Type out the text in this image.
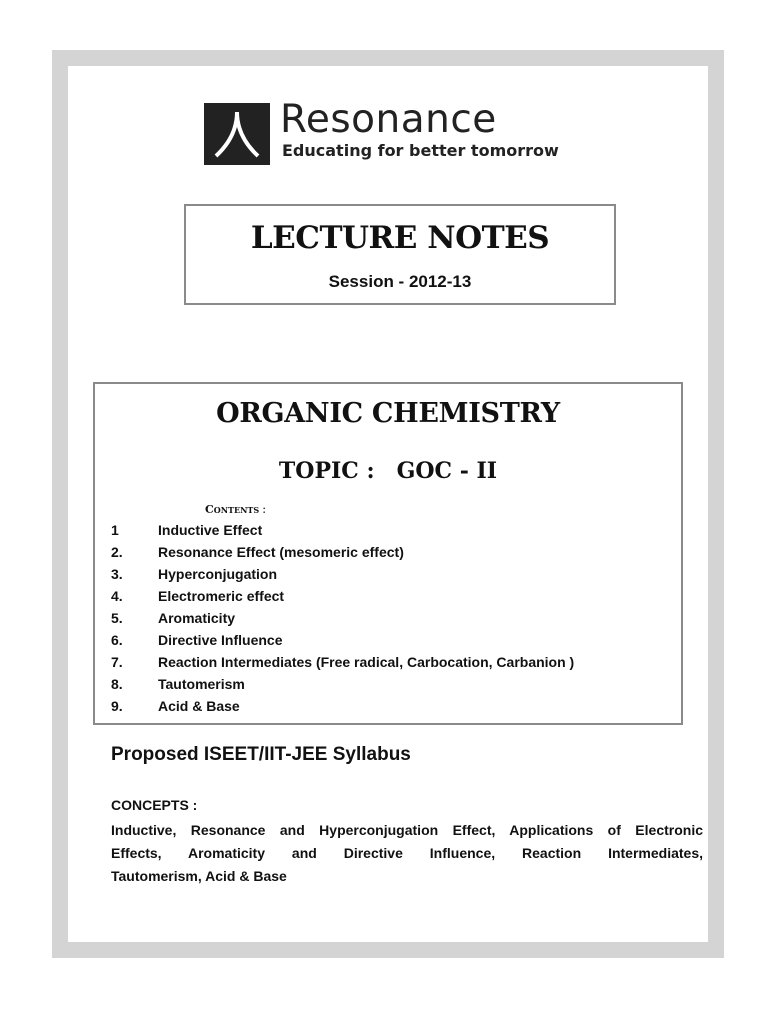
Resonance
Educating for better tomorrow
LECTURE NOTES
Session - 2012-13
ORGANIC CHEMISTRY
TOPIC : GOC - II
Contents :
1	Inductive Effect
2.	Resonance Effect (mesomeric effect)
3.	Hyperconjugation
4.	Electromeric effect
5.	Aromaticity
6.	Directive Influence
7.	Reaction Intermediates (Free radical, Carbocation, Carbanion )
8.	Tautomerism
9.	Acid & Base
Proposed ISEET/IIT-JEE Syllabus
CONCEPTS :
Inductive, Resonance and Hyperconjugation Effect, Applications of Electronic
Effects, Aromaticity and Directive Influence, Reaction Intermediates,
Tautomerism, Acid & Base
